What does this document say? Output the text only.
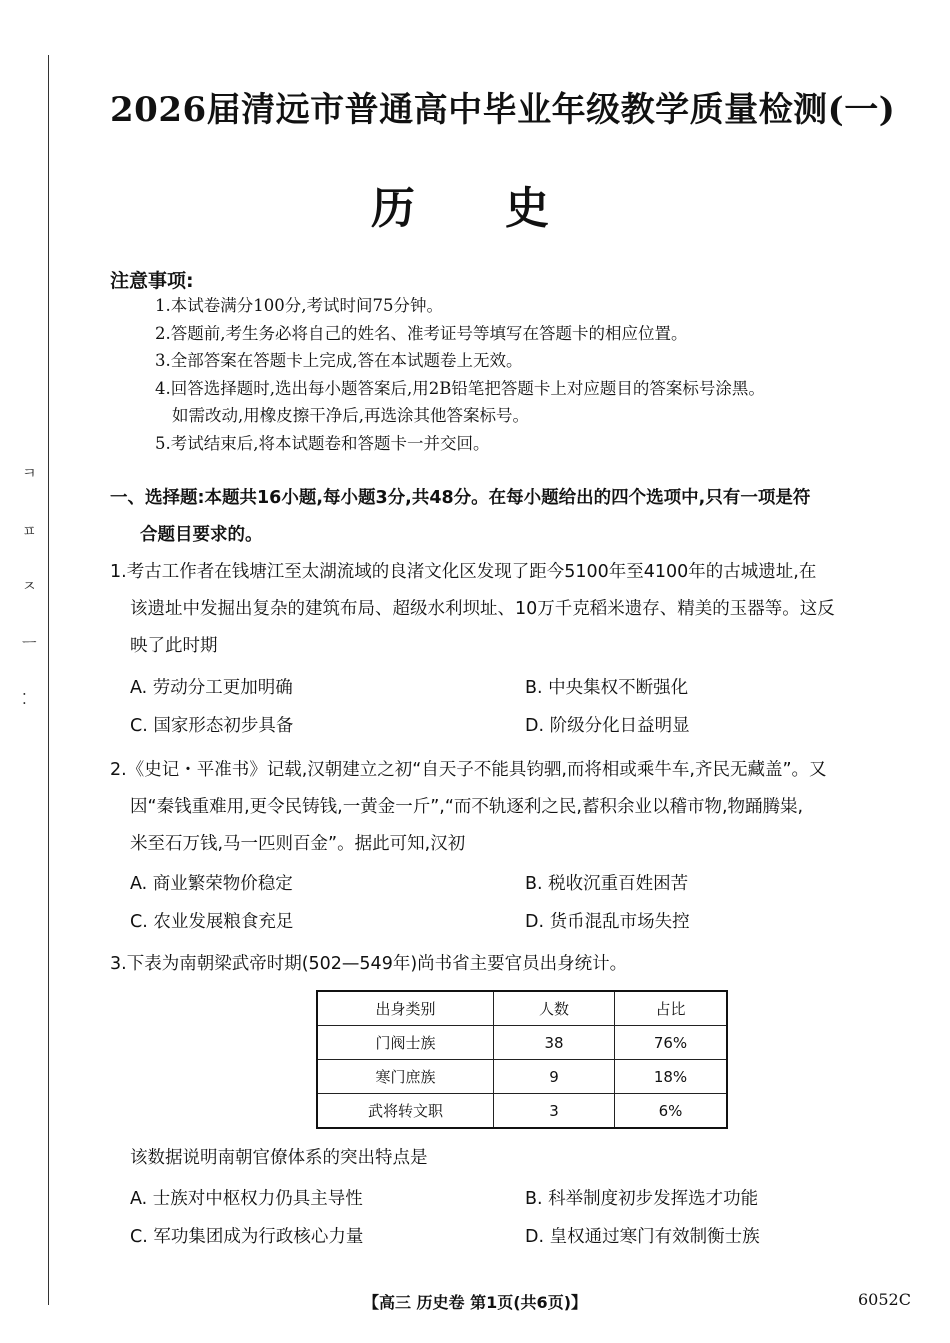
ㅋ
ㅍ
ㅈ
ㅡ
⁚
2026届清远市普通高中毕业年级教学质量检测(一)
历史
注意事项:
1.本试卷满分100分,考试时间75分钟。
2.答题前,考生务必将自己的姓名、准考证号等填写在答题卡的相应位置。
3.全部答案在答题卡上完成,答在本试题卷上无效。
4.回答选择题时,选出每小题答案后,用2B铅笔把答题卡上对应题目的答案标号涂黑。
如需改动,用橡皮擦干净后,再选涂其他答案标号。
5.考试结束后,将本试题卷和答题卡一并交回。
一、选择题:本题共16小题,每小题3分,共48分。在每小题给出的四个选项中,只有一项是符
合题目要求的。
1.考古工作者在钱塘江至太湖流域的良渚文化区发现了距今5100年至4100年的古城遗址,在
该遗址中发掘出复杂的建筑布局、超级水利坝址、10万千克稻米遗存、精美的玉器等。这反
映了此时期
A. 劳动分工更加明确	B. 中央集权不断强化
C. 国家形态初步具备	D. 阶级分化日益明显
2.《史记・平准书》记载,汉朝建立之初“自天子不能具钧驷,而将相或乘牛车,齐民无藏盖”。又
因“秦钱重难用,更令民铸钱,一黄金一斤”,“而不轨逐利之民,蓄积余业以稽市物,物踊腾粜,
米至石万钱,马一匹则百金”。据此可知,汉初
A. 商业繁荣物价稳定	B. 税收沉重百姓困苦
C. 农业发展粮食充足	D. 货币混乱市场失控
3.下表为南朝梁武帝时期(502—549年)尚书省主要官员出身统计。
出身类别	人数	占比
门阀士族	38	76%
寒门庶族	9	18%
武将转文职	3	6%
该数据说明南朝官僚体系的突出特点是
A. 士族对中枢权力仍具主导性	B. 科举制度初步发挥选才功能
C. 军功集团成为行政核心力量	D. 皇权通过寒门有效制衡士族
【高三 历史卷 第1页(共6页)】	6052C
